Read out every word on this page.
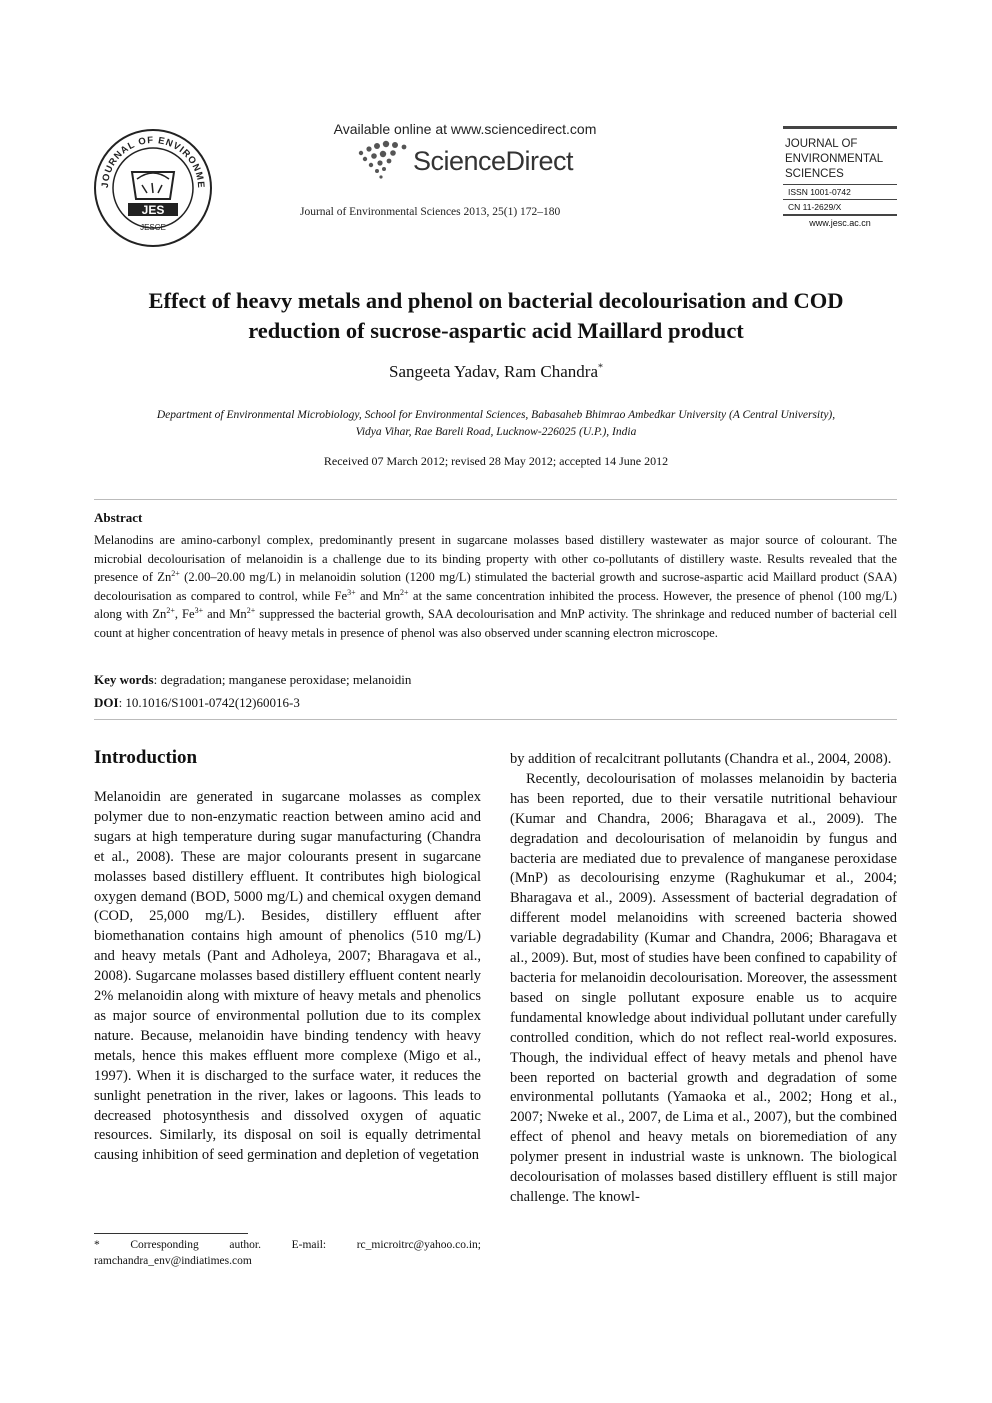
JOURNAL OF ENVIRONME
JES
JESCE
Available online at www.sciencedirect.com
ScienceDirect
Journal of Environmental Sciences 2013, 25(1) 172–180
JOURNAL OF
ENVIRONMENTAL
SCIENCES
ISSN 1001-0742
CN 11-2629/X
www.jesc.ac.cn
Effect of heavy metals and phenol on bacterial decolourisation and COD
reduction of sucrose-aspartic acid Maillard product
Sangeeta Yadav, Ram Chandra*
Department of Environmental Microbiology, School for Environmental Sciences, Babasaheb Bhimrao Ambedkar University (A Central University),
Vidya Vihar, Rae Bareli Road, Lucknow-226025 (U.P.), India
Received 07 March 2012; revised 28 May 2012; accepted 14 June 2012
Abstract
Melanodins are amino-carbonyl complex, predominantly present in sugarcane molasses based distillery wastewater as major source of colourant. The microbial decolourisation of melanoidin is a challenge due to its binding property with other co-pollutants of distillery waste. Results revealed that the presence of $Zn^{2+}$ (2.00–20.00 mg/L) in melanoidin solution (1200 mg/L) stimulated the bacterial growth and sucrose-aspartic acid Maillard product (SAA) decolourisation as compared to control, while $Fe^{3+}$ and $Mn^{2+}$ at the same concentration inhibited the process. However, the presence of phenol (100 mg/L) along with $Zn^{2+}$, $Fe^{3+}$ and $Mn^{2+}$ suppressed the bacterial growth, SAA decolourisation and MnP activity. The shrinkage and reduced number of bacterial cell count at higher concentration of heavy metals in presence of phenol was also observed under scanning electron microscope.
Key words: degradation; manganese peroxidase; melanoidin
DOI: 10.1016/S1001-0742(12)60016-3
Introduction

Melanoidin are generated in sugarcane molasses as complex polymer due to non-enzymatic reaction between amino acid and sugars at high temperature during sugar manufacturing (Chandra et al., 2008). These are major colourants present in sugarcane molasses based distillery effluent. It contributes high biological oxygen demand (BOD, 5000 mg/L) and chemical oxygen demand (COD, 25,000 mg/L). Besides, distillery effluent after biomethanation contains high amount of phenolics (510 mg/L) and heavy metals (Pant and Adholeya, 2007; Bharagava et al., 2008). Sugarcane molasses based distillery effluent content nearly 2% melanoidin along with mixture of heavy metals and phenolics as major source of environmental pollution due to its complex nature. Because, melanoidin have binding tendency with heavy metals, hence this makes effluent more complexe (Migo et al., 1997). When it is discharged to the surface water, it reduces the sunlight penetration in the river, lakes or lagoons. This leads to decreased photosynthesis and dissolved oxygen of aquatic resources. Similarly, its disposal on soil is equally detrimental causing inhibition of seed germination and depletion of vegetation

by addition of recalcitrant pollutants (Chandra et al., 2004, 2008).

Recently, decolourisation of molasses melanoidin by bacteria has been reported, due to their versatile nutritional behaviour (Kumar and Chandra, 2006; Bharagava et al., 2009). The degradation and decolourisation of melanoidin by fungus and bacteria are mediated due to prevalence of manganese peroxidase (MnP) as decolourising enzyme (Raghukumar et al., 2004; Bharagava et al., 2009). Assessment of bacterial degradation of different model melanoidins with screened bacteria showed variable degradability (Kumar and Chandra, 2006; Bharagava et al., 2009). But, most of studies have been confined to capability of bacteria for melanoidin decolourisation. Moreover, the assessment based on single pollutant exposure enable us to acquire fundamental knowledge about individual pollutant under carefully controlled condition, which do not reflect real-world exposures. Though, the individual effect of heavy metals and phenol have been reported on bacterial growth and degradation of some environmental pollutants (Yamaoka et al., 2002; Hong et al., 2007; Nweke et al., 2007, de Lima et al., 2007), but the combined effect of phenol and heavy metals on bioremediation of any polymer present in industrial waste is unknown. The biological decolourisation of molasses based distillery effluent is still major challenge. The knowl-

* Corresponding author. E-mail: rc_microitrc@yahoo.co.in; ramchandra_env@indiatimes.com
